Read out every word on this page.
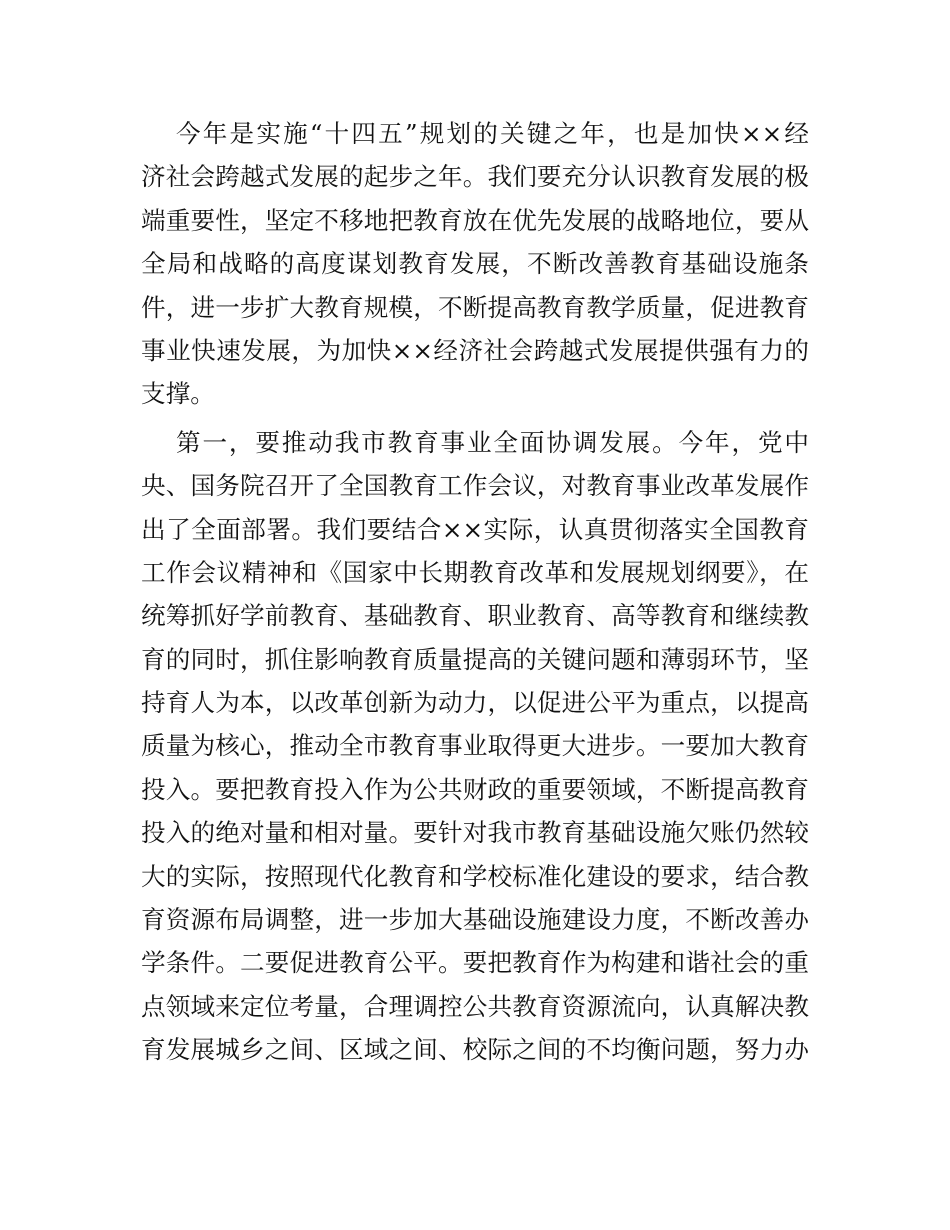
今年是实施“十四五”规划的关键之年，也是加快××经
济社会跨越式发展的起步之年。我们要充分认识教育发展的极
端重要性，坚定不移地把教育放在优先发展的战略地位，要从
全局和战略的高度谋划教育发展，不断改善教育基础设施条
件，进一步扩大教育规模，不断提高教育教学质量，促进教育
事业快速发展，为加快××经济社会跨越式发展提供强有力的
支撑。
第一，要推动我市教育事业全面协调发展。今年，党中
央、国务院召开了全国教育工作会议，对教育事业改革发展作
出了全面部署。我们要结合××实际，认真贯彻落实全国教育
工作会议精神和《国家中长期教育改革和发展规划纲要》，在
统筹抓好学前教育、基础教育、职业教育、高等教育和继续教
育的同时，抓住影响教育质量提高的关键问题和薄弱环节，坚
持育人为本，以改革创新为动力，以促进公平为重点，以提高
质量为核心，推动全市教育事业取得更大进步。一要加大教育
投入。要把教育投入作为公共财政的重要领域，不断提高教育
投入的绝对量和相对量。要针对我市教育基础设施欠账仍然较
大的实际，按照现代化教育和学校标准化建设的要求，结合教
育资源布局调整，进一步加大基础设施建设力度，不断改善办
学条件。二要促进教育公平。要把教育作为构建和谐社会的重
点领域来定位考量，合理调控公共教育资源流向，认真解决教
育发展城乡之间、区域之间、校际之间的不均衡问题，努力办
